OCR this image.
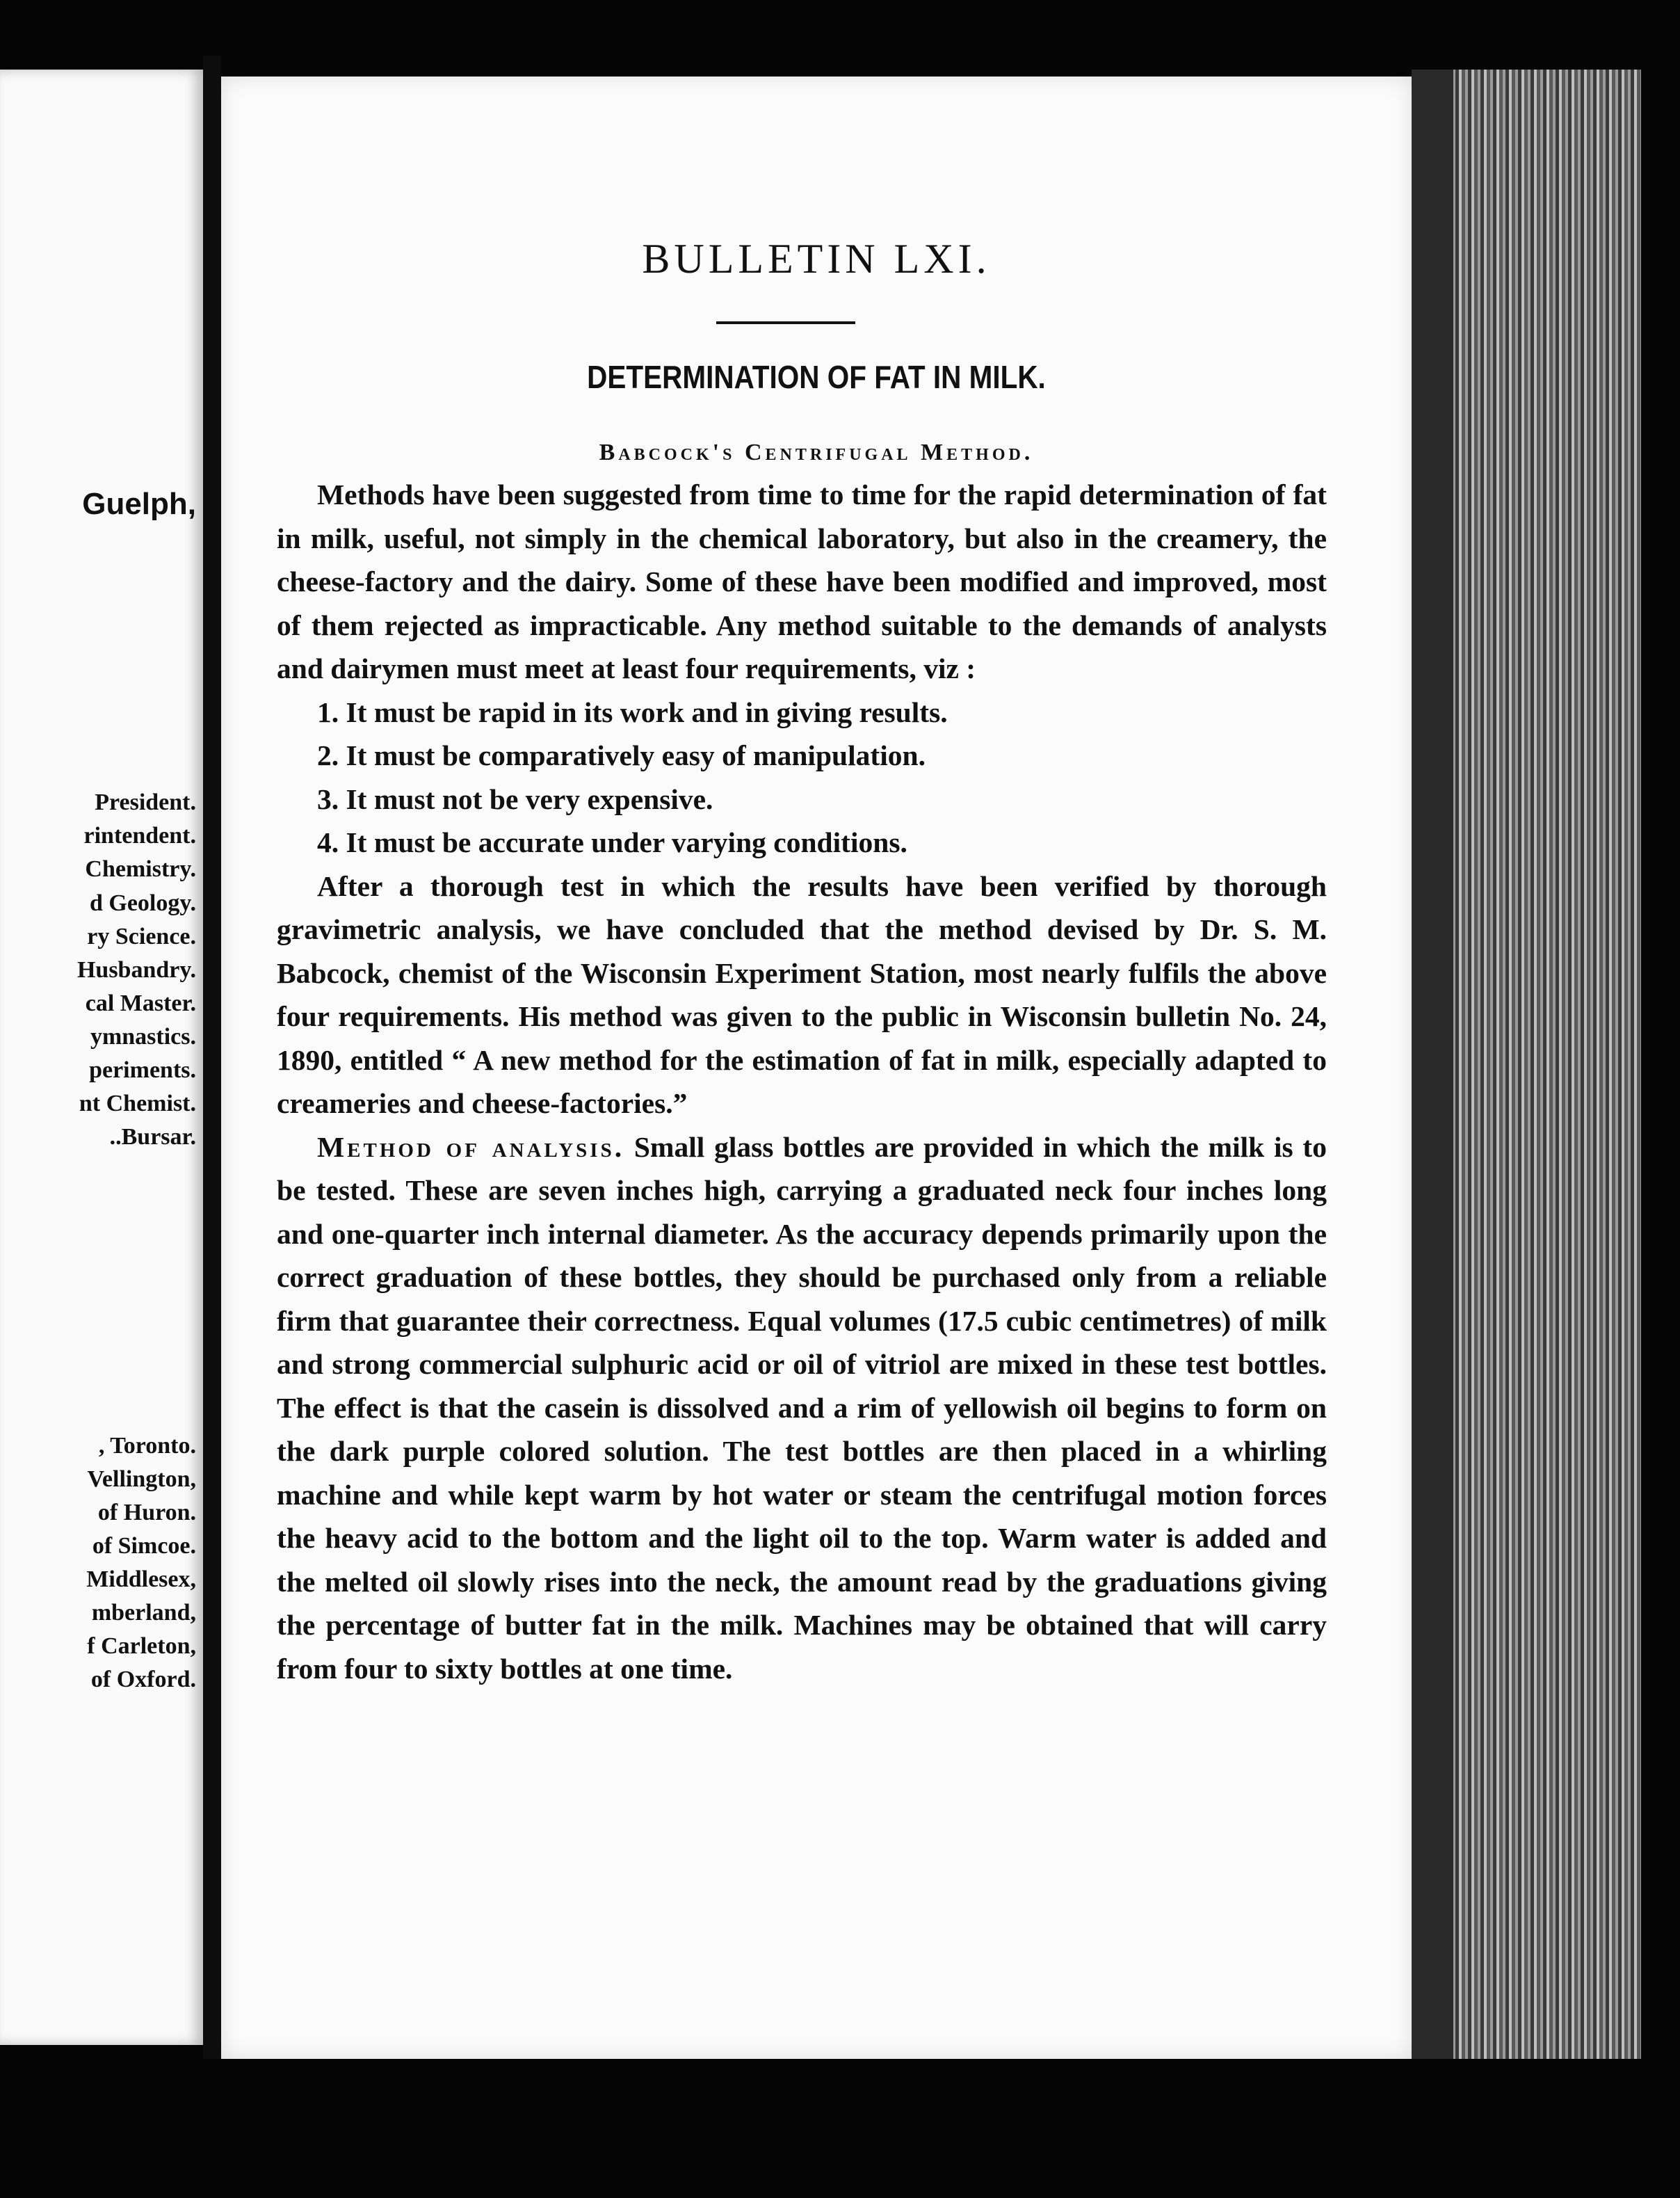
Guelph,
President.
rintendent.
Chemistry.
d Geology.
ry Science.
Husbandry.
cal Master.
ymnastics.
periments.
nt Chemist.
..Bursar.
, Toronto.
Vellington,
of Huron.
of Simcoe.
Middlesex,
mberland,
f Carleton,
of Oxford.
BULLETIN LXI.
DETERMINATION OF FAT IN MILK.
Babcock's Centrifugal Method.

Methods have been suggested from time to time for the rapid determination of fat in milk, useful, not simply in the chemical laboratory, but also in the creamery, the cheese-factory and the dairy. Some of these have been modified and improved, most of them rejected as impracticable. Any method suitable to the demands of analysts and dairymen must meet at least four requirements, viz :

1. It must be rapid in its work and in giving results.
2. It must be comparatively easy of manipulation.
3. It must not be very expensive.
4. It must be accurate under varying conditions.

After a thorough test in which the results have been verified by thorough gravimetric analysis, we have concluded that the method devised by Dr. S. M. Babcock, chemist of the Wisconsin Experiment Station, most nearly fulfils the above four requirements. His method was given to the public in Wisconsin bulletin No. 24, 1890, entitled “ A new method for the estimation of fat in milk, especially adapted to creameries and cheese-factories.”

Method of analysis. Small glass bottles are provided in which the milk is to be tested. These are seven inches high, carrying a graduated neck four inches long and one-quarter inch internal diameter. As the accuracy depends primarily upon the correct graduation of these bottles, they should be purchased only from a reliable firm that guarantee their correctness. Equal volumes (17.5 cubic centimetres) of milk and strong commercial sulphuric acid or oil of vitriol are mixed in these test bottles. The effect is that the casein is dissolved and a rim of yellowish oil begins to form on the dark purple colored solution. The test bottles are then placed in a whirling machine and while kept warm by hot water or steam the centrifugal motion forces the heavy acid to the bottom and the light oil to the top. Warm water is added and the melted oil slowly rises into the neck, the amount read by the graduations giving the percentage of butter fat in the milk. Machines may be obtained that will carry from four to sixty bottles at one time.
